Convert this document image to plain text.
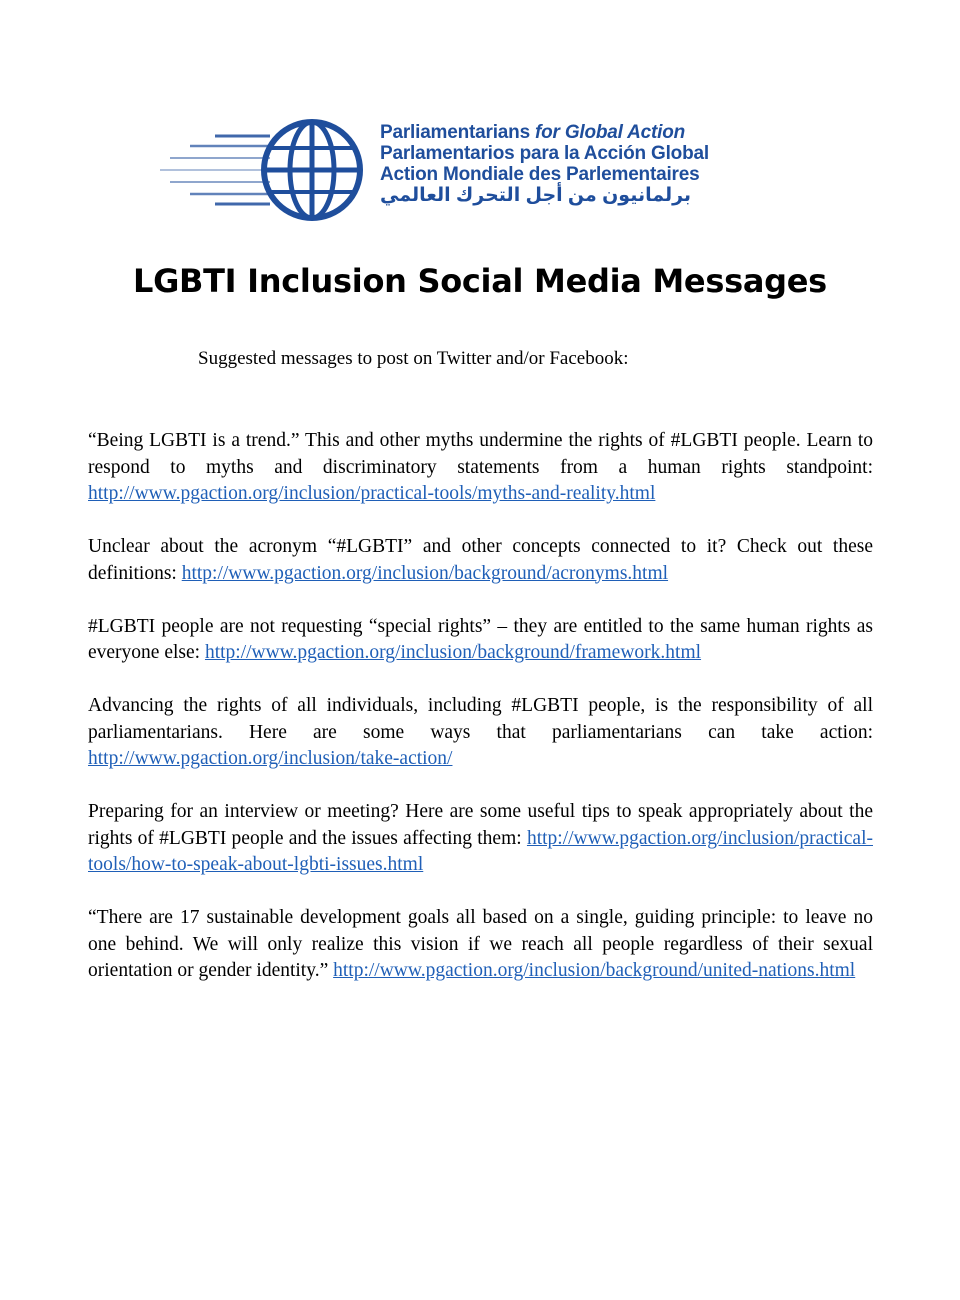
Parliamentarians for Global Action
Parlamentarios para la Acción Global
Action Mondiale des Parlementaires
برلمانيون من أجل التحرك العالمي
LGBTI Inclusion Social Media Messages
Suggested messages to post on Twitter and/or Facebook:

“Being LGBTI is a trend.” This and other myths undermine the rights of #LGBTI people. Learn to respond to myths and discriminatory statements from a human rights standpoint: http://www.pgaction.org/inclusion/practical-tools/myths-and-reality.html

Unclear about the acronym “#LGBTI” and other concepts connected to it? Check out these definitions: http://www.pgaction.org/inclusion/background/acronyms.html

#LGBTI people are not requesting “special rights” – they are entitled to the same human rights as everyone else: http://www.pgaction.org/inclusion/background/framework.html

Advancing the rights of all individuals, including #LGBTI people, is the responsibility of all parliamentarians. Here are some ways that parliamentarians can take action: http://www.pgaction.org/inclusion/take-action/

Preparing for an interview or meeting? Here are some useful tips to speak appropriately about the rights of #LGBTI people and the issues affecting them: http://www.pgaction.org/inclusion/practical-tools/how-to-speak-about-lgbti-issues.html

“There are 17 sustainable development goals all based on a single, guiding principle: to leave no one behind. We will only realize this vision if we reach all people regardless of their sexual orientation or gender identity.” http://www.pgaction.org/inclusion/background/united-nations.html
